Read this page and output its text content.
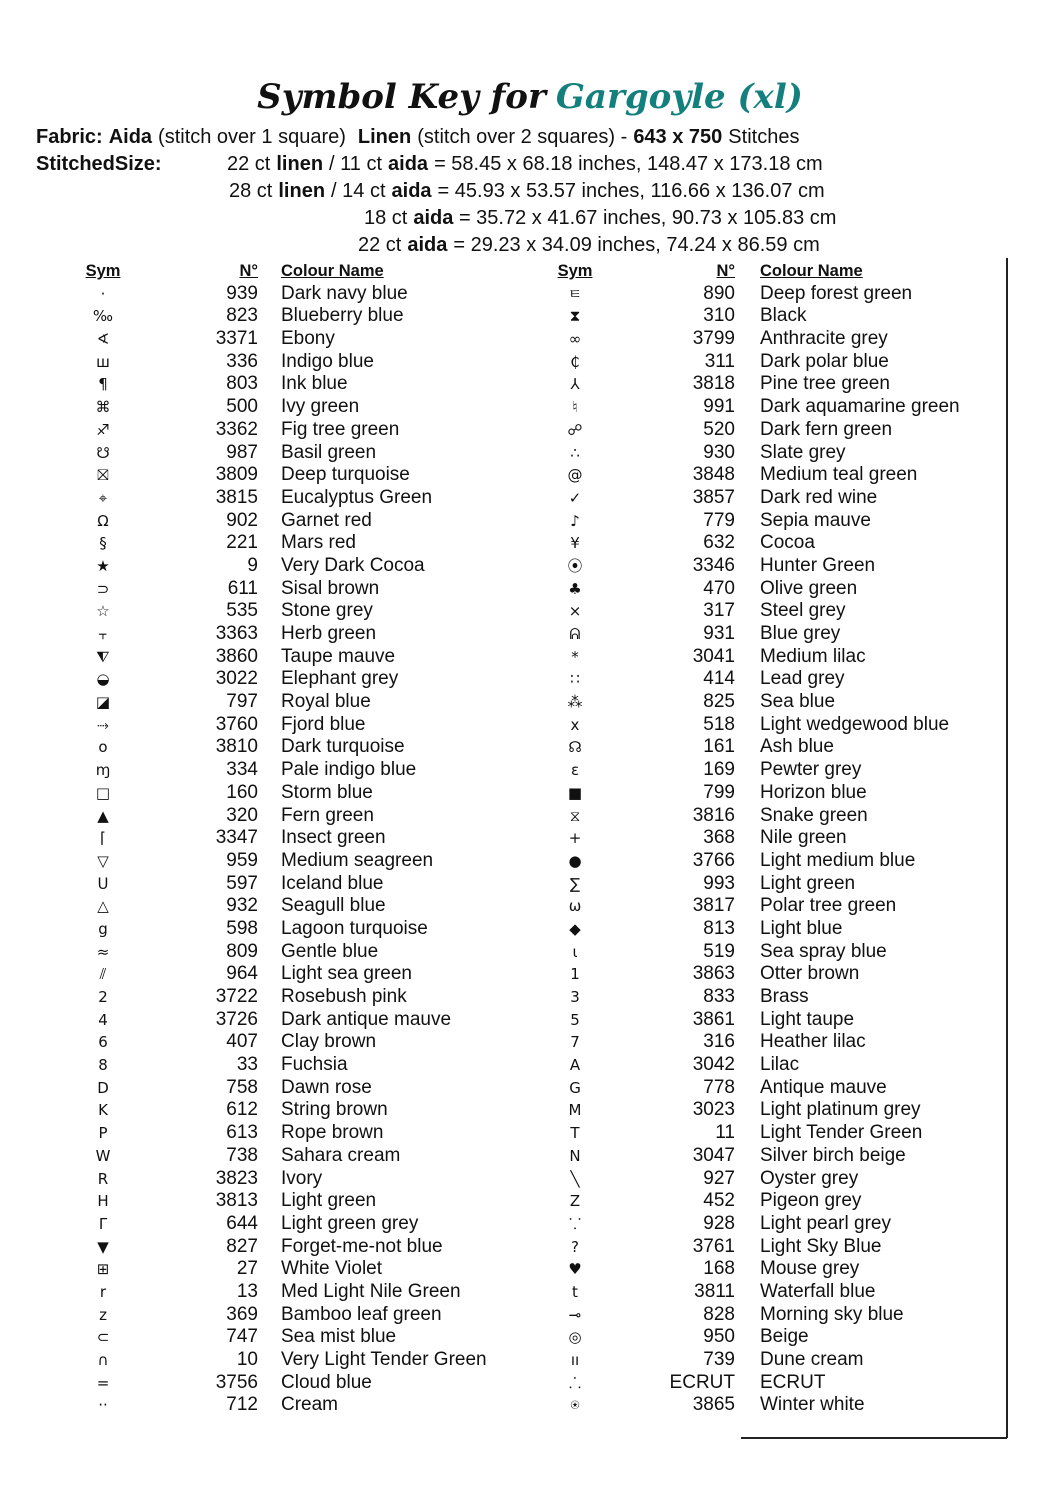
Symbol Key for Gargoyle (xl)
Fabric: Aida (stitch over 1 square) Linen (stitch over 2 squares) - 643 x 750 Stitches
StitchedSize:	22 ct linen / 11 ct aida = 58.45 x 68.18 inches, 148.47 x 173.18 cm
28 ct linen / 14 ct aida = 45.93 x 53.57 inches, 116.66 x 136.07 cm
18 ct aida = 35.72 x 41.67 inches, 90.73 x 105.83 cm
22 ct aida = 29.23 x 34.09 inches, 74.24 x 86.59 cm
Sym	N° Colour Name
·	939 Dark navy blue
‰	823 Blueberry blue
∢	3371 Ebony
ш	336 Indigo blue
¶	803 Ink blue
⌘	500 Ivy green
♐	3362 Fig tree green
☋	987 Basil green
⛝	3809 Deep turquoise
⌖	3815 Eucalyptus Green
Ω	902 Garnet red
§	221 Mars red
★	9 Very Dark Cocoa
⊃	611 Sisal brown
☆	535 Stone grey
⫟	3363 Herb green
⧨	3860 Taupe mauve
◒	3022 Elephant grey
◪	797 Royal blue
⤑	3760 Fjord blue
o	3810 Dark turquoise
ɱ	334 Pale indigo blue
□	160 Storm blue
▲	320 Fern green
⌈	3347 Insect green
▽	959 Medium seagreen
ᑌ	597 Iceland blue
△	932 Seagull blue
g	598 Lagoon turquoise
≈	809 Gentle blue
⫽	964 Light sea green
2	3722 Rosebush pink
4	3726 Dark antique mauve
6	407 Clay brown
8	33 Fuchsia
D	758 Dawn rose
K	612 String brown
P	613 Rope brown
W	738 Sahara cream
R	3823 Ivory
H	3813 Light green
Γ	644 Light green grey
▼	827 Forget-me-not blue
⊞	27 White Violet
r	13 Med Light Nile Green
z	369 Bamboo leaf green
⊂	747 Sea mist blue
∩	10 Very Light Tender Green
=	3756 Cloud blue
··	712 Cream
Sym	N° Colour Name
ㅌ	890 Deep forest green
⧗	310 Black
∞	3799 Anthracite grey
₵	311 Dark polar blue
⅄	3818 Pine tree green
♮	991 Dark aquamarine green
☍	520 Dark fern green
∴	930 Slate grey
@	3848 Medium teal green
✓	3857 Dark red wine
♪	779 Sepia mauve
¥	632 Cocoa
⦿	3346 Hunter Green
♣	470 Olive green
⨯	317 Steel grey
ᕱ	931 Blue grey
*	3041 Medium lilac
∷	414 Lead grey
⁂	825 Sea blue
x	518 Light wedgewood blue
☊	161 Ash blue
ε	169 Pewter grey
■	799 Horizon blue
⧖	3816 Snake green
+	368 Nile green
●	3766 Light medium blue
∑	993 Light green
ω	3817 Polar tree green
◆	813 Light blue
ɩ	519 Sea spray blue
1	3863 Otter brown
3	833 Brass
5	3861 Light taupe
7	316 Heather lilac
A	3042 Lilac
G	778 Antique mauve
M	3023 Light platinum grey
T	11 Light Tender Green
N	3047 Silver birch beige
╲	927 Oyster grey
Z	452 Pigeon grey
⸪	928 Light pearl grey
?	3761 Light Sky Blue
♥	168 Mouse grey
t	3811 Waterfall blue
⊸	828 Morning sky blue
◎	950 Beige
ıı	739 Dune cream
⸫	ECRUT ECRUT
⍟	3865 Winter white
